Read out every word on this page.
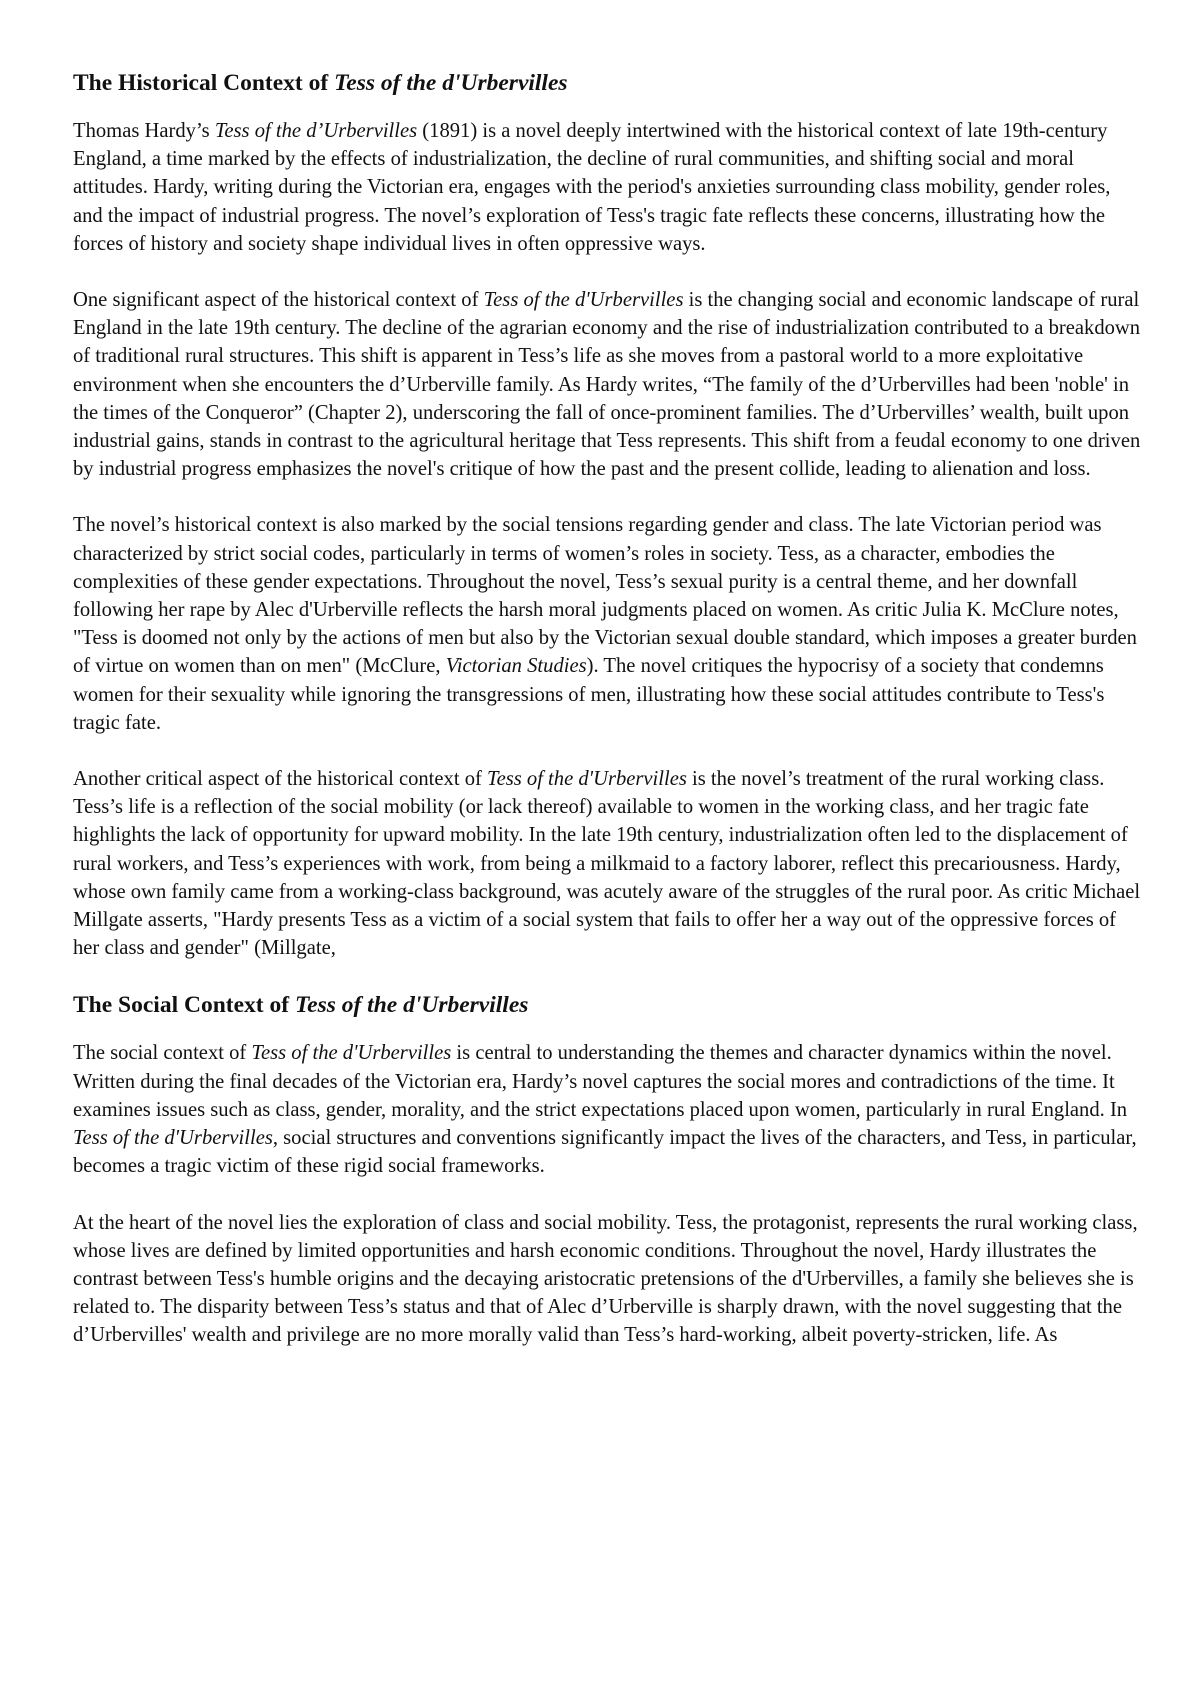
The Historical Context of Tess of the d'Urbervilles

Thomas Hardy’s Tess of the d’Urbervilles (1891) is a novel deeply intertwined with the historical context of late 19th-century England, a time marked by the effects of industrialization, the decline of rural communities, and shifting social and moral attitudes. Hardy, writing during the Victorian era, engages with the period's anxieties surrounding class mobility, gender roles, and the impact of industrial progress. The novel’s exploration of Tess's tragic fate reflects these concerns, illustrating how the forces of history and society shape individual lives in often oppressive ways.

One significant aspect of the historical context of Tess of the d'Urbervilles is the changing social and economic landscape of rural England in the late 19th century. The decline of the agrarian economy and the rise of industrialization contributed to a breakdown of traditional rural structures. This shift is apparent in Tess’s life as she moves from a pastoral world to a more exploitative environment when she encounters the d’Urberville family. As Hardy writes, “The family of the d’Urbervilles had been 'noble' in the times of the Conqueror” (Chapter 2), underscoring the fall of once-prominent families. The d’Urbervilles’ wealth, built upon industrial gains, stands in contrast to the agricultural heritage that Tess represents. This shift from a feudal economy to one driven by industrial progress emphasizes the novel's critique of how the past and the present collide, leading to alienation and loss.

The novel’s historical context is also marked by the social tensions regarding gender and class. The late Victorian period was characterized by strict social codes, particularly in terms of women’s roles in society. Tess, as a character, embodies the complexities of these gender expectations. Throughout the novel, Tess’s sexual purity is a central theme, and her downfall following her rape by Alec d'Urberville reflects the harsh moral judgments placed on women. As critic Julia K. McClure notes, "Tess is doomed not only by the actions of men but also by the Victorian sexual double standard, which imposes a greater burden of virtue on women than on men" (McClure, Victorian Studies). The novel critiques the hypocrisy of a society that condemns women for their sexuality while ignoring the transgressions of men, illustrating how these social attitudes contribute to Tess's tragic fate.

Another critical aspect of the historical context of Tess of the d'Urbervilles is the novel’s treatment of the rural working class. Tess’s life is a reflection of the social mobility (or lack thereof) available to women in the working class, and her tragic fate highlights the lack of opportunity for upward mobility. In the late 19th century, industrialization often led to the displacement of rural workers, and Tess’s experiences with work, from being a milkmaid to a factory laborer, reflect this precariousness. Hardy, whose own family came from a working-class background, was acutely aware of the struggles of the rural poor. As critic Michael Millgate asserts, "Hardy presents Tess as a victim of a social system that fails to offer her a way out of the oppressive forces of her class and gender" (Millgate,

The Social Context of Tess of the d'Urbervilles

The social context of Tess of the d'Urbervilles is central to understanding the themes and character dynamics within the novel. Written during the final decades of the Victorian era, Hardy’s novel captures the social mores and contradictions of the time. It examines issues such as class, gender, morality, and the strict expectations placed upon women, particularly in rural England. In Tess of the d'Urbervilles, social structures and conventions significantly impact the lives of the characters, and Tess, in particular, becomes a tragic victim of these rigid social frameworks.

At the heart of the novel lies the exploration of class and social mobility. Tess, the protagonist, represents the rural working class, whose lives are defined by limited opportunities and harsh economic conditions. Throughout the novel, Hardy illustrates the contrast between Tess's humble origins and the decaying aristocratic pretensions of the d'Urbervilles, a family she believes she is related to. The disparity between Tess’s status and that of Alec d’Urberville is sharply drawn, with the novel suggesting that the d’Urbervilles' wealth and privilege are no more morally valid than Tess’s hard-working, albeit poverty-stricken, life. As
